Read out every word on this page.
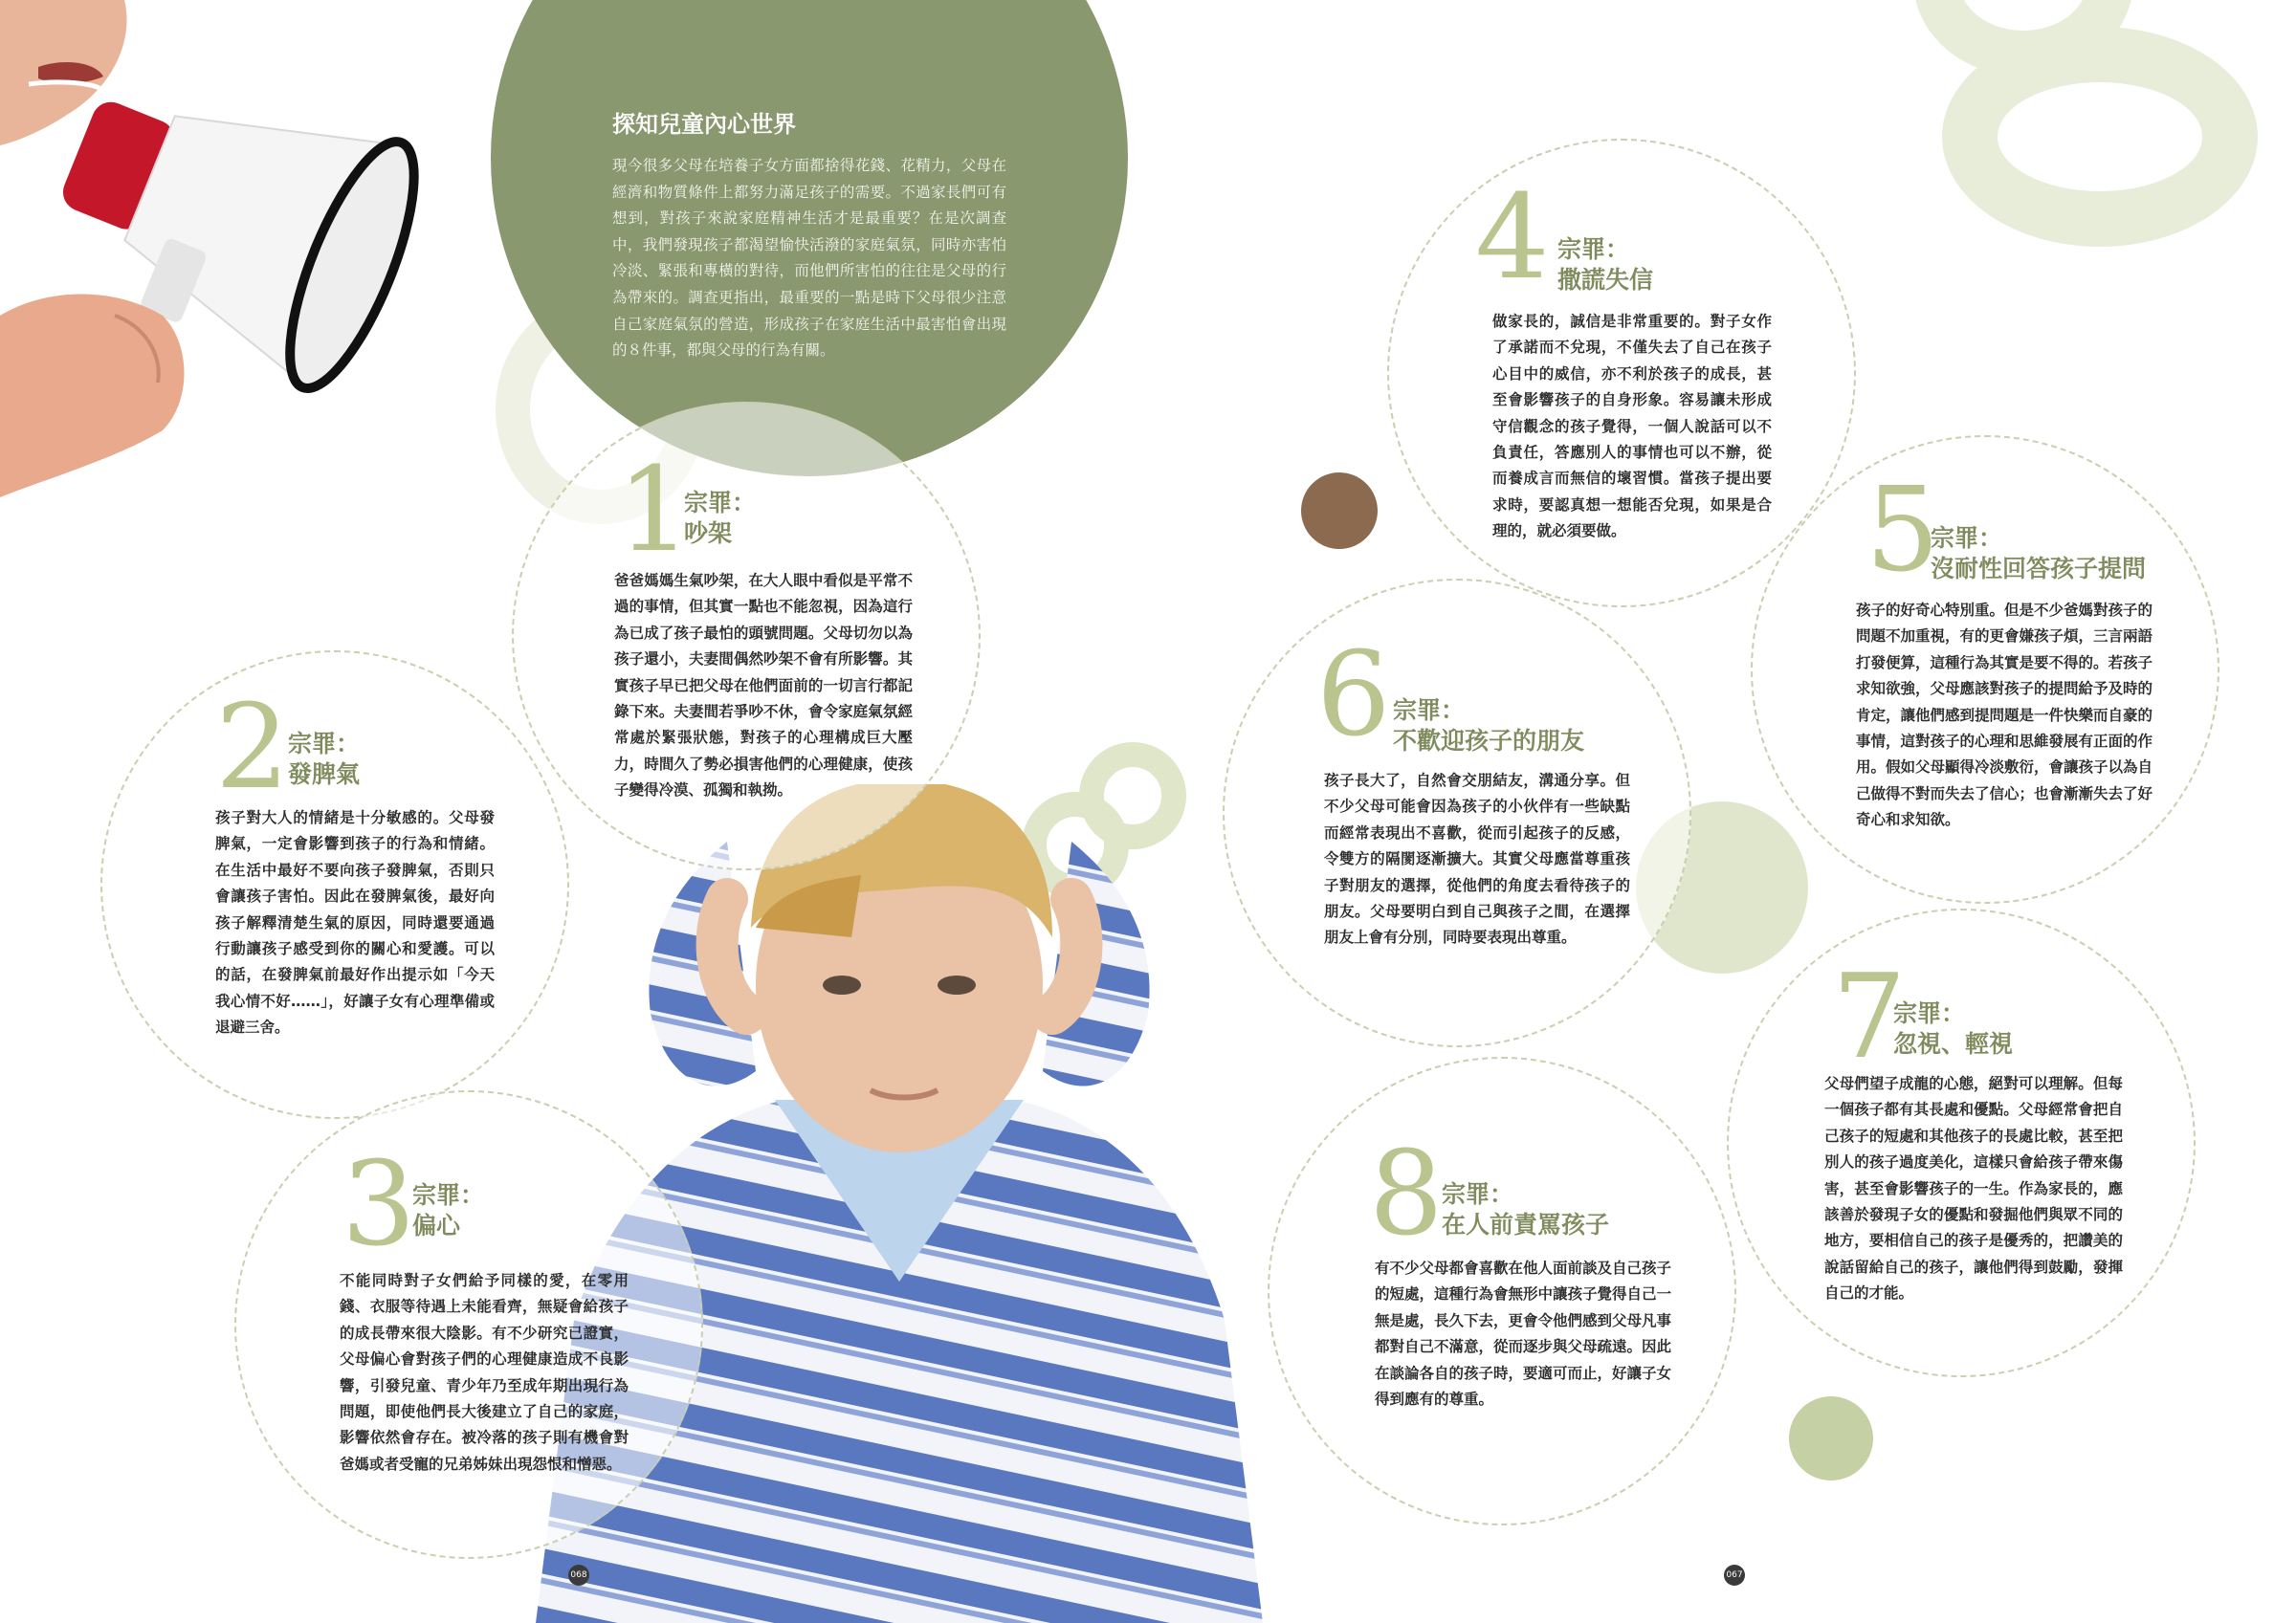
探知兒童內心世界
現今很多父母在培養子女方面都捨得花錢、花精力，父母在經濟和物質條件上都努力滿足孩子的需要。不過家長們可有想到，對孩子來說家庭精神生活才是最重要？在是次調查中，我們發現孩子都渴望愉快活潑的家庭氣氛，同時亦害怕冷淡、緊張和專橫的對待，而他們所害怕的往往是父母的行為帶來的。調查更指出，最重要的一點是時下父母很少注意自己家庭氣氛的營造，形成孩子在家庭生活中最害怕會出現的８件事，都與父母的行為有關。
1
宗罪：
吵架
爸爸媽媽生氣吵架，在大人眼中看似是平常不過的事情，但其實一點也不能忽視，因為這行為已成了孩子最怕的頭號問題。父母切勿以為孩子還小，夫妻間偶然吵架不會有所影響。其實孩子早已把父母在他們面前的一切言行都記錄下來。夫妻間若爭吵不休，會令家庭氣氛經常處於緊張狀態，對孩子的心理構成巨大壓力，時間久了勢必損害他們的心理健康，使孩子變得冷漠、孤獨和執拗。
2
宗罪：
發脾氣
孩子對大人的情緒是十分敏感的。父母發脾氣，一定會影響到孩子的行為和情緒。在生活中最好不要向孩子發脾氣，否則只會讓孩子害怕。因此在發脾氣後，最好向孩子解釋清楚生氣的原因，同時還要通過行動讓孩子感受到你的關心和愛護。可以的話，在發脾氣前最好作出提示如「今天我心情不好……」，好讓子女有心理準備或退避三舍。
3
宗罪：
偏心
不能同時對子女們給予同樣的愛，在零用錢、衣服等待遇上未能看齊，無疑會給孩子的成長帶來很大陰影。有不少研究已證實，父母偏心會對孩子們的心理健康造成不良影響，引發兒童、青少年乃至成年期出現行為問題，即使他們長大後建立了自己的家庭，影響依然會存在。被冷落的孩子則有機會對爸媽或者受寵的兄弟姊妹出現怨恨和憎惡。
4 宗罪：
撒謊失信
做家長的，誠信是非常重要的。對子女作了承諾而不兌現，不僅失去了自己在孩子心目中的威信，亦不利於孩子的成長，甚至會影響孩子的自身形象。容易讓未形成守信觀念的孩子覺得，一個人說話可以不負責任，答應別人的事情也可以不辦，從而養成言而無信的壞習慣。當孩子提出要求時，要認真想一想能否兌現，如果是合理的，就必須要做。	5
宗罪：
沒耐性回答孩子提問
孩子的好奇心特別重。但是不少爸媽對孩子的問題不加重視，有的更會嫌孩子煩，三言兩語打發便算，這種行為其實是要不得的。若孩子求知欲強，父母應該對孩子的提問給予及時的肯定，讓他們感到提問題是一件快樂而自豪的事情，這對孩子的心理和思維發展有正面的作用。假如父母顯得冷淡敷衍，會讓孩子以為自己做得不對而失去了信心；也會漸漸失去了好奇心和求知欲。
6 宗罪：
不歡迎孩子的朋友
孩子長大了，自然會交朋結友，溝通分享。但不少父母可能會因為孩子的小伙伴有一些缺點而經常表現出不喜歡，從而引起孩子的反感，令雙方的隔閡逐漸擴大。其實父母應當尊重孩子對朋友的選擇，從他們的角度去看待孩子的朋友。父母要明白到自己與孩子之間，在選擇朋友上會有分別，同時要表現出尊重。
7
宗罪：
忽視、輕視
父母們望子成龍的心態，絕對可以理解。但每一個孩子都有其長處和優點。父母經常會把自己孩子的短處和其他孩子的長處比較，甚至把別人的孩子過度美化，這樣只會給孩子帶來傷害，甚至會影響孩子的一生。作為家長的，應該善於發現子女的優點和發掘他們與眾不同的地方，要相信自己的孩子是優秀的，把讚美的說話留給自己的孩子，讓他們得到鼓勵，發揮自己的才能。
8
宗罪：
在人前責罵孩子
有不少父母都會喜歡在他人面前談及自己孩子的短處，這種行為會無形中讓孩子覺得自己一無是處，長久下去，更會令他們感到父母凡事都對自己不滿意，從而逐步與父母疏遠。因此在談論各自的孩子時，要適可而止，好讓子女得到應有的尊重。
068	067
